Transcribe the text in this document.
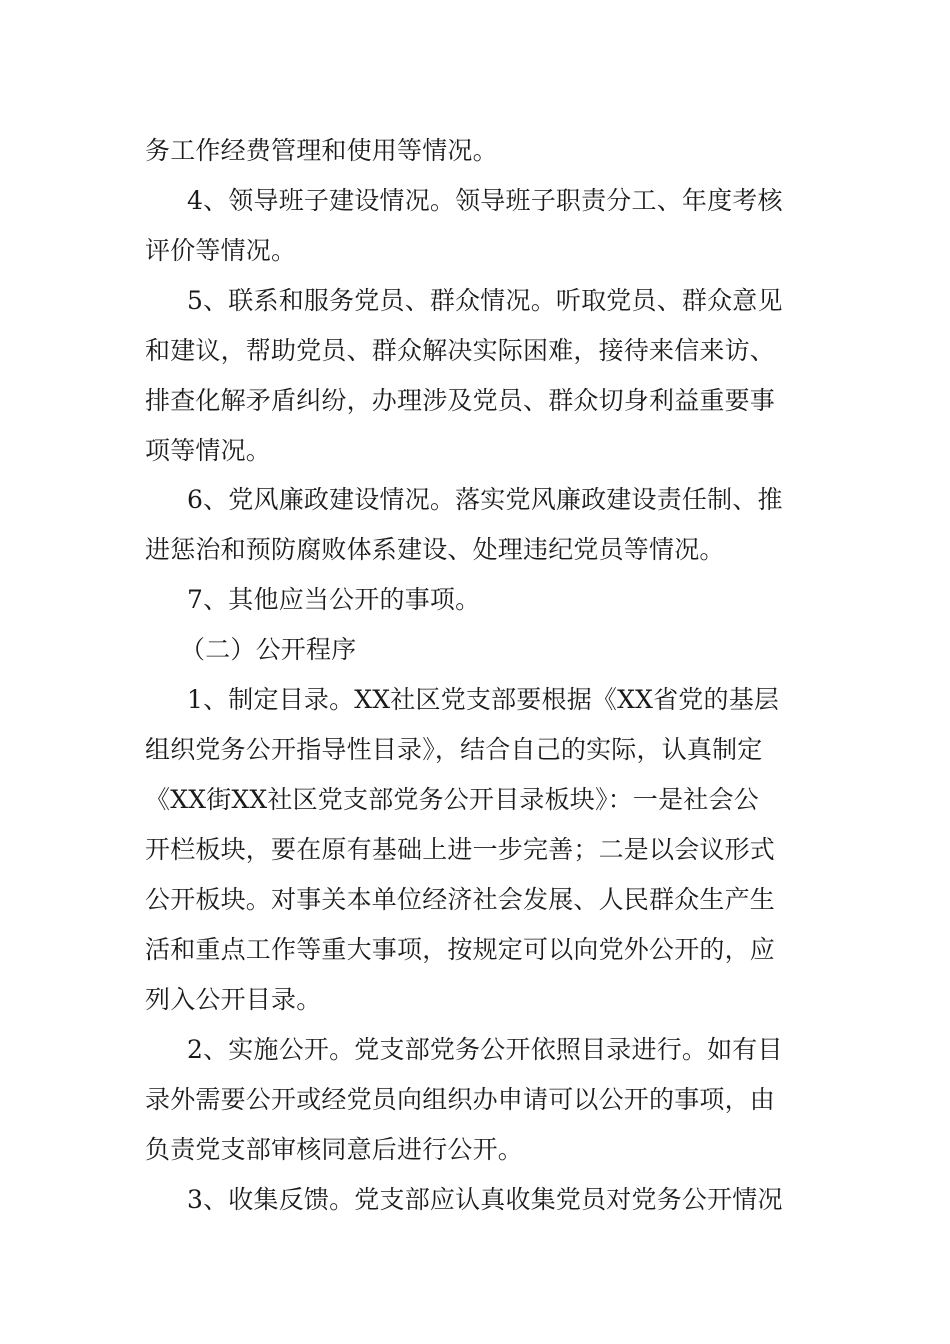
务工作经费管理和使用等情况。
4、领导班子建设情况。领导班子职责分工、年度考核
评价等情况。
5、联系和服务党员、群众情况。听取党员、群众意见
和建议，帮助党员、群众解决实际困难，接待来信来访、
排查化解矛盾纠纷，办理涉及党员、群众切身利益重要事
项等情况。
6、党风廉政建设情况。落实党风廉政建设责任制、推
进惩治和预防腐败体系建设、处理违纪党员等情况。
7、其他应当公开的事项。
（二）公开程序
1、制定目录。XX社区党支部要根据《XX省党的基层
组织党务公开指导性目录》，结合自己的实际，认真制定
《XX街XX社区党支部党务公开目录板块》：一是社会公
开栏板块，要在原有基础上进一步完善；二是以会议形式
公开板块。对事关本单位经济社会发展、人民群众生产生
活和重点工作等重大事项，按规定可以向党外公开的，应
列入公开目录。
2、实施公开。党支部党务公开依照目录进行。如有目
录外需要公开或经党员向组织办申请可以公开的事项，由
负责党支部审核同意后进行公开。
3、收集反馈。党支部应认真收集党员对党务公开情况
